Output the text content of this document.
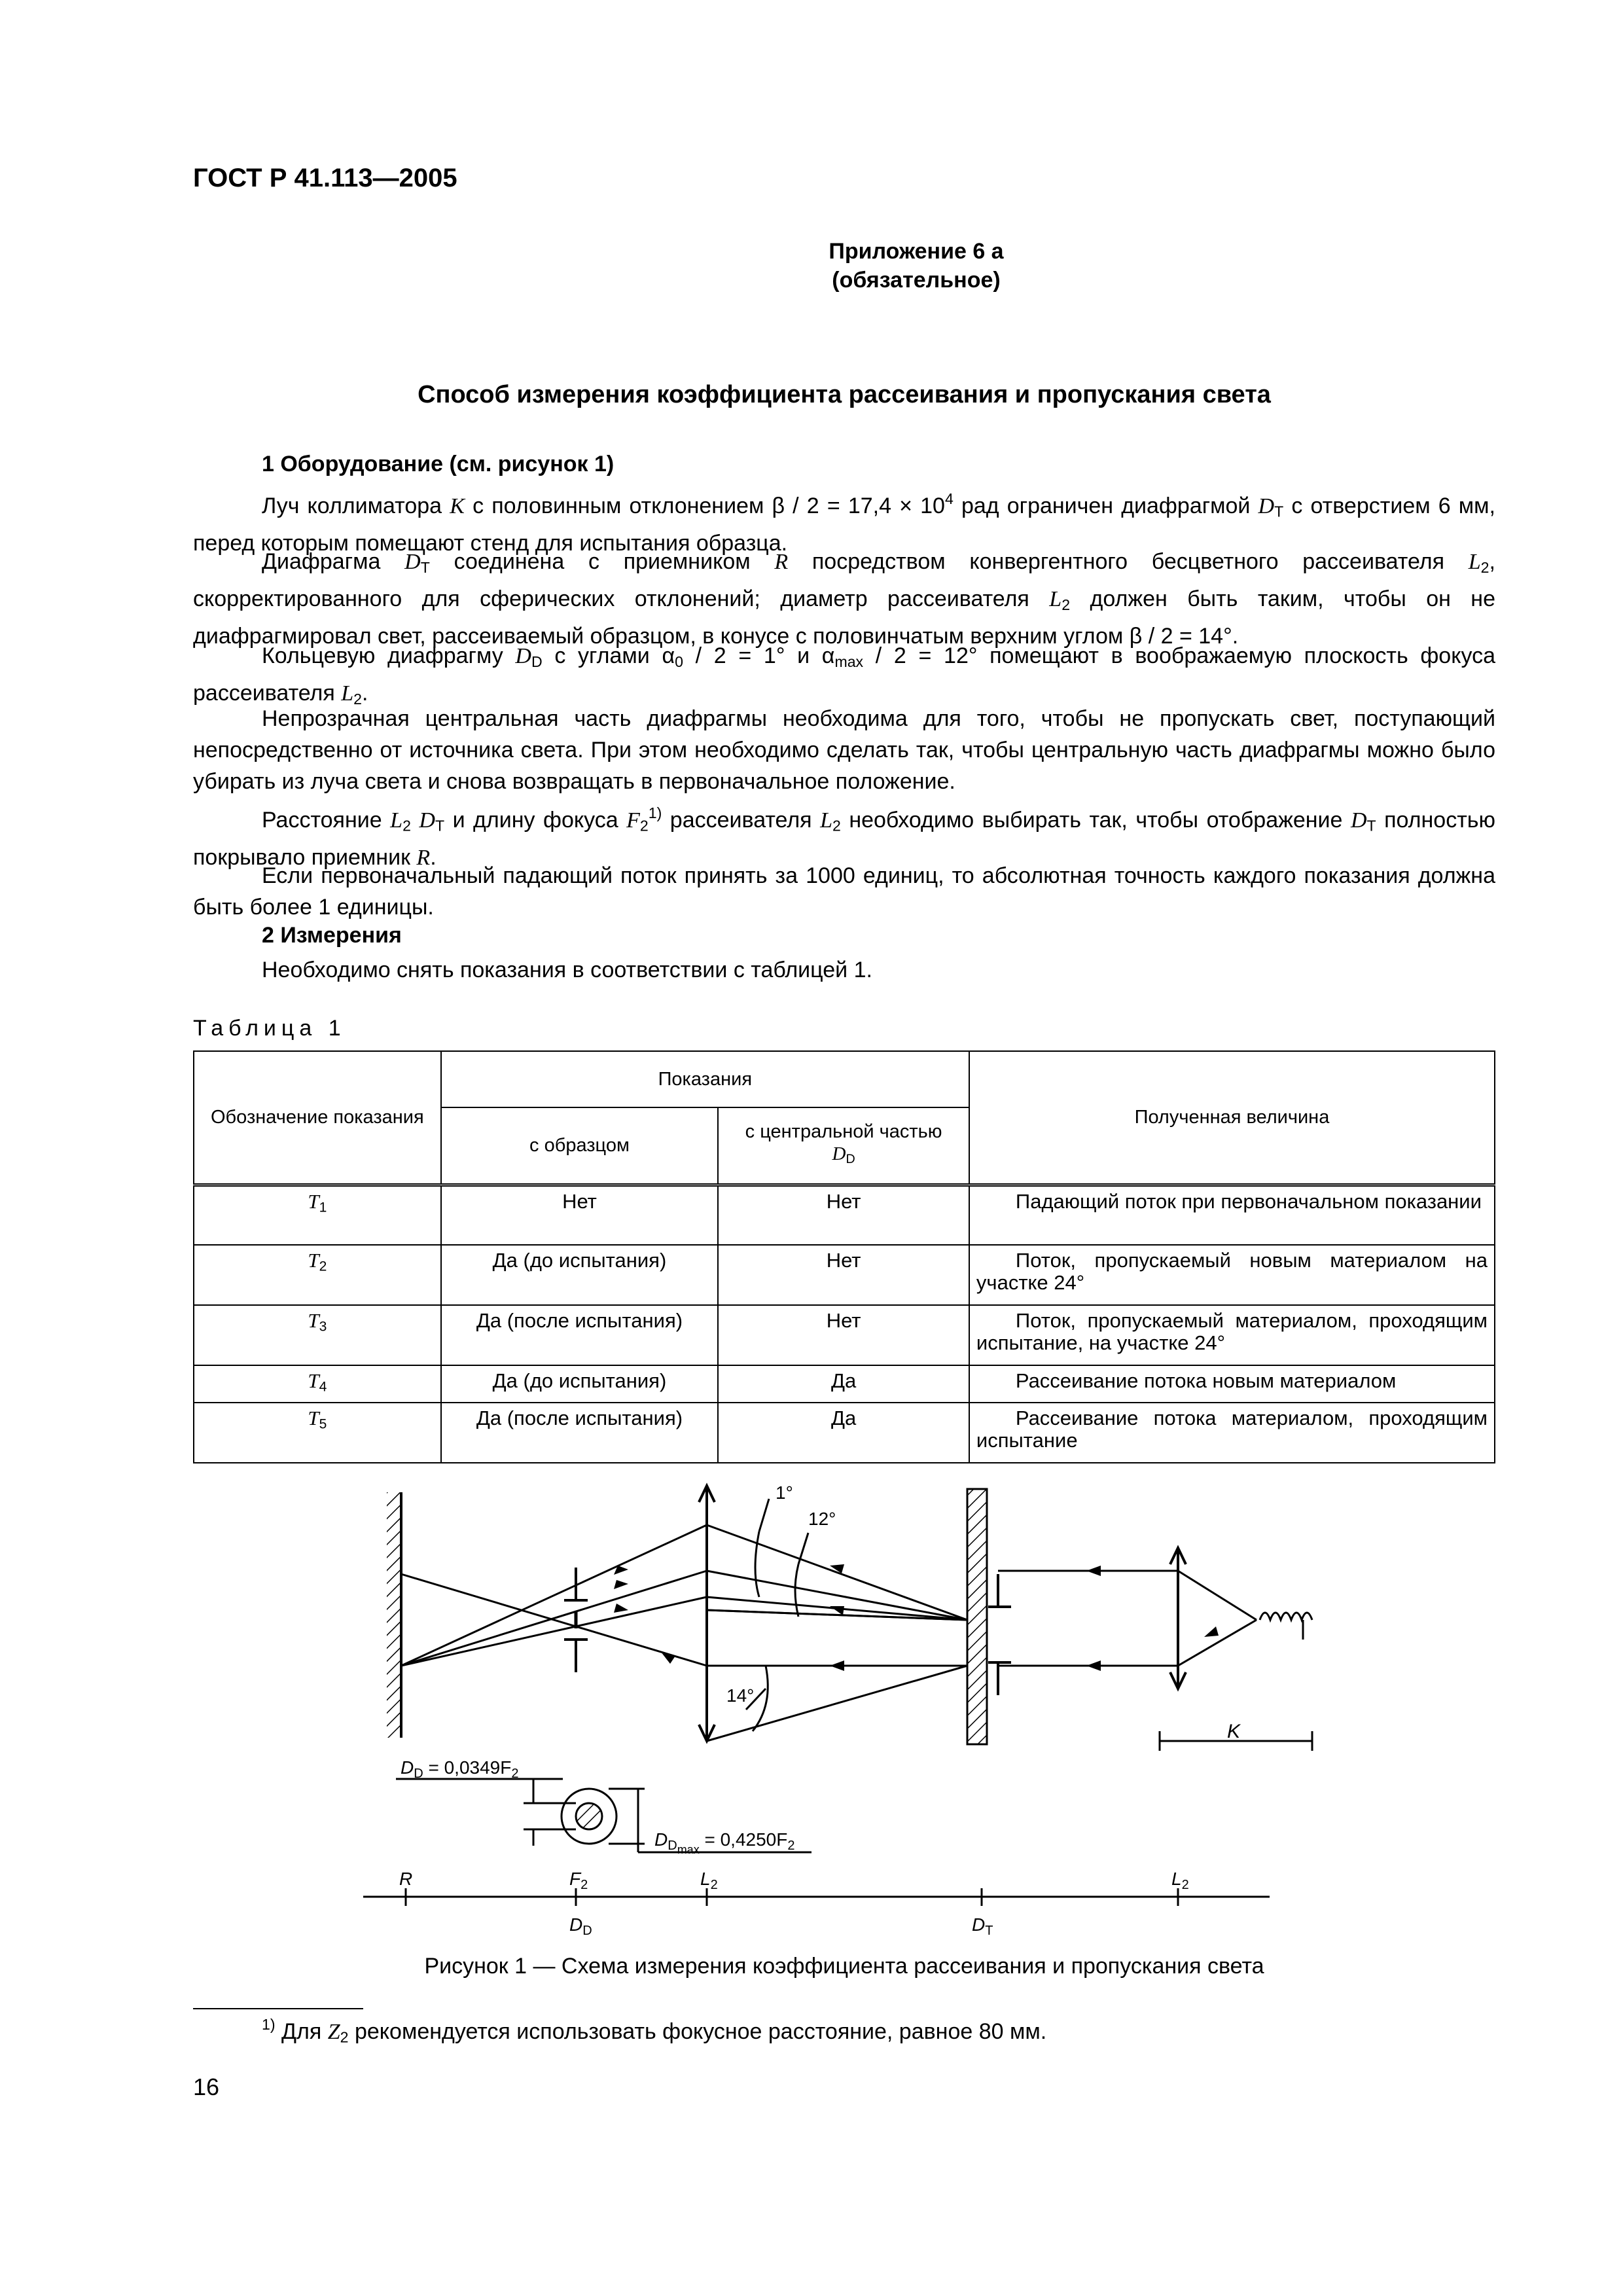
ГОСТ Р 41.113—2005
Приложение 6 а
(обязательное)
Способ измерения коэффициента рассеивания и пропускания света
1 Оборудование (см. рисунок 1)
Луч коллиматора K с половинным отклонением $\beta / 2 = 17,4 \times 10^4$ рад ограничен диафрагмой $D_T$ с отверстием 6 мм, перед которым помещают стенд для испытания образца.
Диафрагма $D_T$ соединена с приемником R посредством конвергентного бесцветного рассеивателя $L_2$, скорректированного для сферических отклонений; диаметр рассеивателя $L_2$ должен быть таким, чтобы он не диафрагмировал свет, рассеиваемый образцом, в конусе с половинчатым верхним углом β / 2 = 14°.
Кольцевую диафрагму $D_D$ с углами $\alpha_0 / 2 = 1^\circ$ и $\alpha_{max} / 2 = 12^\circ$ помещают в воображаемую плоскость фокуса рассеивателя $L_2$.
Непрозрачная центральная часть диафрагмы необходима для того, чтобы не пропускать свет, поступающий непосредственно от источника света. При этом необходимо сделать так, чтобы центральную часть диафрагмы можно было убирать из луча света и снова возвращать в первоначальное положение.
Расстояние $L_2$ $D_T$ и длину фокуса $F_2^{1)}$ рассеивателя $L_2$ необходимо выбирать так, чтобы отображение $D_T$ полностью покрывало приемник R.
Если первоначальный падающий поток принять за 1000 единиц, то абсолютная точность каждого показания должна быть более 1 единицы.
2 Измерения
Необходимо снять показания в соответствии с таблицей 1.
Таблица 1
Обозначение показания	Показания		Полученная величина
	с образцом	с центральной частью
$D_D$
$T_1$	Нет	Нет	Падающий поток при первоначальном показании
$T_2$	Да (до испытания)	Нет	Поток, пропускаемый новым материалом на участке 24°
$T_3$	Да (после испытания)	Нет	Поток, пропускаемый материалом, проходящим испытание, на участке 24°
$T_4$	Да (до испытания)	Да	Рассеивание потока новым материалом
$T_5$	Да (после испытания)	Да	Рассеивание потока материалом, проходящим испытание
1°
12°
14°
K
$D_D = 0,0349F_2$
$D_{Dmax} = 0,4250F_2$
R	$F_2$
$D_D$
$L_2$
$D_T$
$L_2$
Рисунок 1 — Схема измерения коэффициента рассеивания и пропускания света
$^{1)}$ Для $Z_2$ рекомендуется использовать фокусное расстояние, равное 80 мм.
16
